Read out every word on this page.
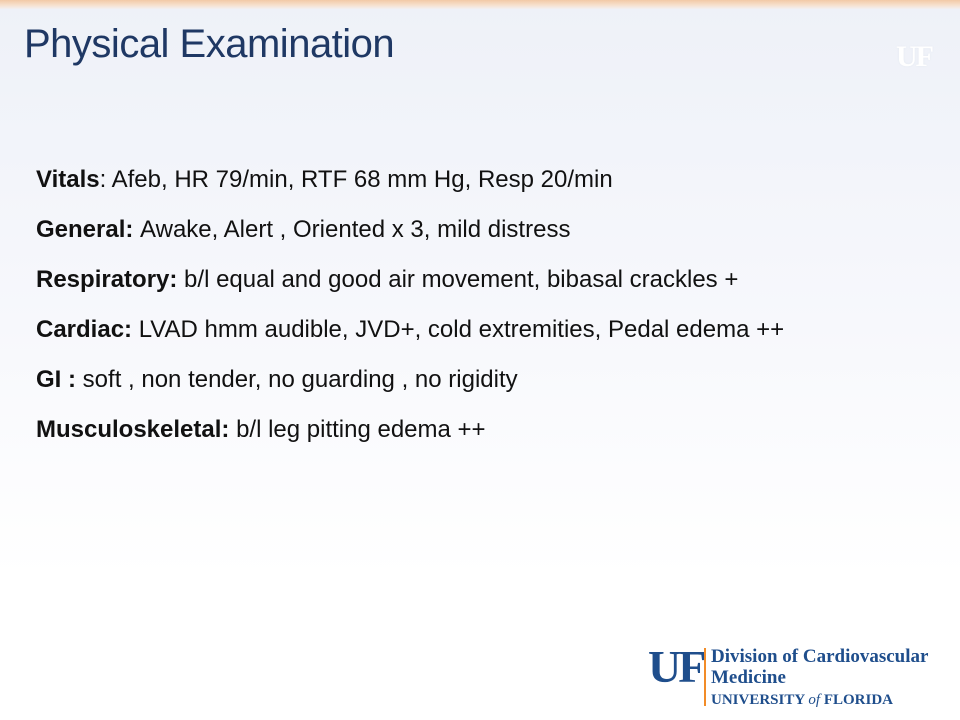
Physical Examination	UF
Vitals: Afeb, HR 79/min, RTF 68 mm Hg, Resp 20/min
General: Awake, Alert , Oriented x 3, mild distress
Respiratory: b/l equal and good air movement, bibasal crackles +
Cardiac: LVAD hmm audible, JVD+, cold extremities, Pedal edema ++
GI : soft , non tender, no guarding , no rigidity
Musculoskeletal: b/l leg pitting edema ++
UF Division of Cardiovascular
Medicine
UNIVERSITY of FLORIDA
